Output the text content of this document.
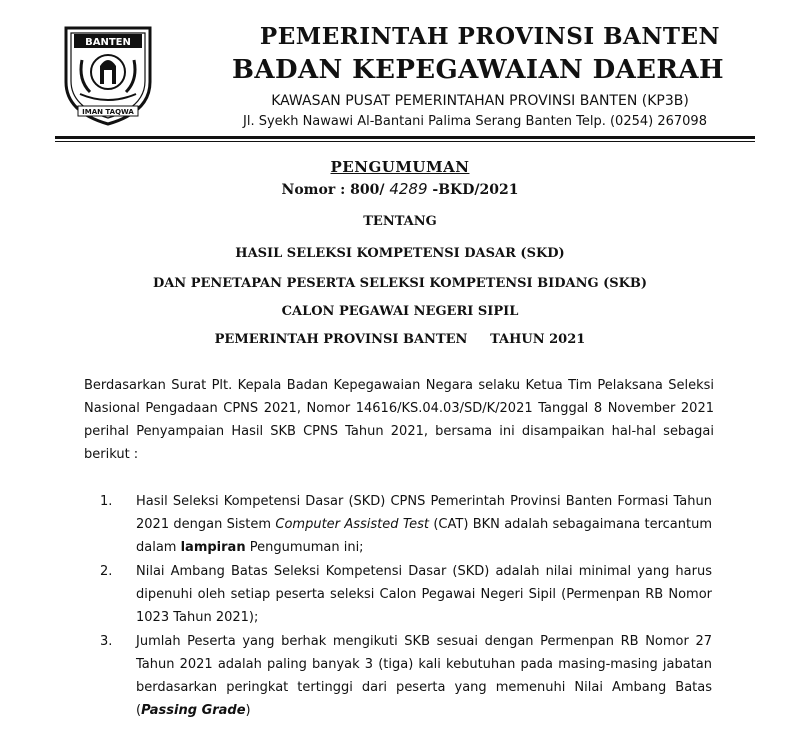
BANTEN
IMAN TAQWA
PEMERINTAH PROVINSI BANTEN
BADAN KEPEGAWAIAN DAERAH
KAWASAN PUSAT PEMERINTAHAN PROVINSI BANTEN (KP3B)
Jl. Syekh Nawawi Al-Bantani Palima Serang Banten Telp. (0254) 267098
PENGUMUMAN
Nomor : 800/ 4289 -BKD/2021
TENTANG
HASIL SELEKSI KOMPETENSI DASAR (SKD)
DAN PENETAPAN PESERTA SELEKSI KOMPETENSI BIDANG (SKB)
CALON PEGAWAI NEGERI SIPIL
PEMERINTAH PROVINSI BANTEN TAHUN 2021
Berdasarkan Surat Plt. Kepala Badan Kepegawaian Negara selaku Ketua Tim Pelaksana Seleksi Nasional Pengadaan CPNS 2021, Nomor 14616/KS.04.03/SD/K/2021 Tanggal 8 November 2021 perihal Penyampaian Hasil SKB CPNS Tahun 2021, bersama ini disampaikan hal-hal sebagai berikut :
1.	Hasil Seleksi Kompetensi Dasar (SKD) CPNS Pemerintah Provinsi Banten Formasi Tahun 2021 dengan Sistem Computer Assisted Test (CAT) BKN adalah sebagaimana tercantum dalam lampiran Pengumuman ini;
2.	Nilai Ambang Batas Seleksi Kompetensi Dasar (SKD) adalah nilai minimal yang harus dipenuhi oleh setiap peserta seleksi Calon Pegawai Negeri Sipil (Permenpan RB Nomor 1023 Tahun 2021);
3.	Jumlah Peserta yang berhak mengikuti SKB sesuai dengan Permenpan RB Nomor 27 Tahun 2021 adalah paling banyak 3 (tiga) kali kebutuhan pada masing-masing jabatan berdasarkan peringkat tertinggi dari peserta yang memenuhi Nilai Ambang Batas (Passing Grade)
